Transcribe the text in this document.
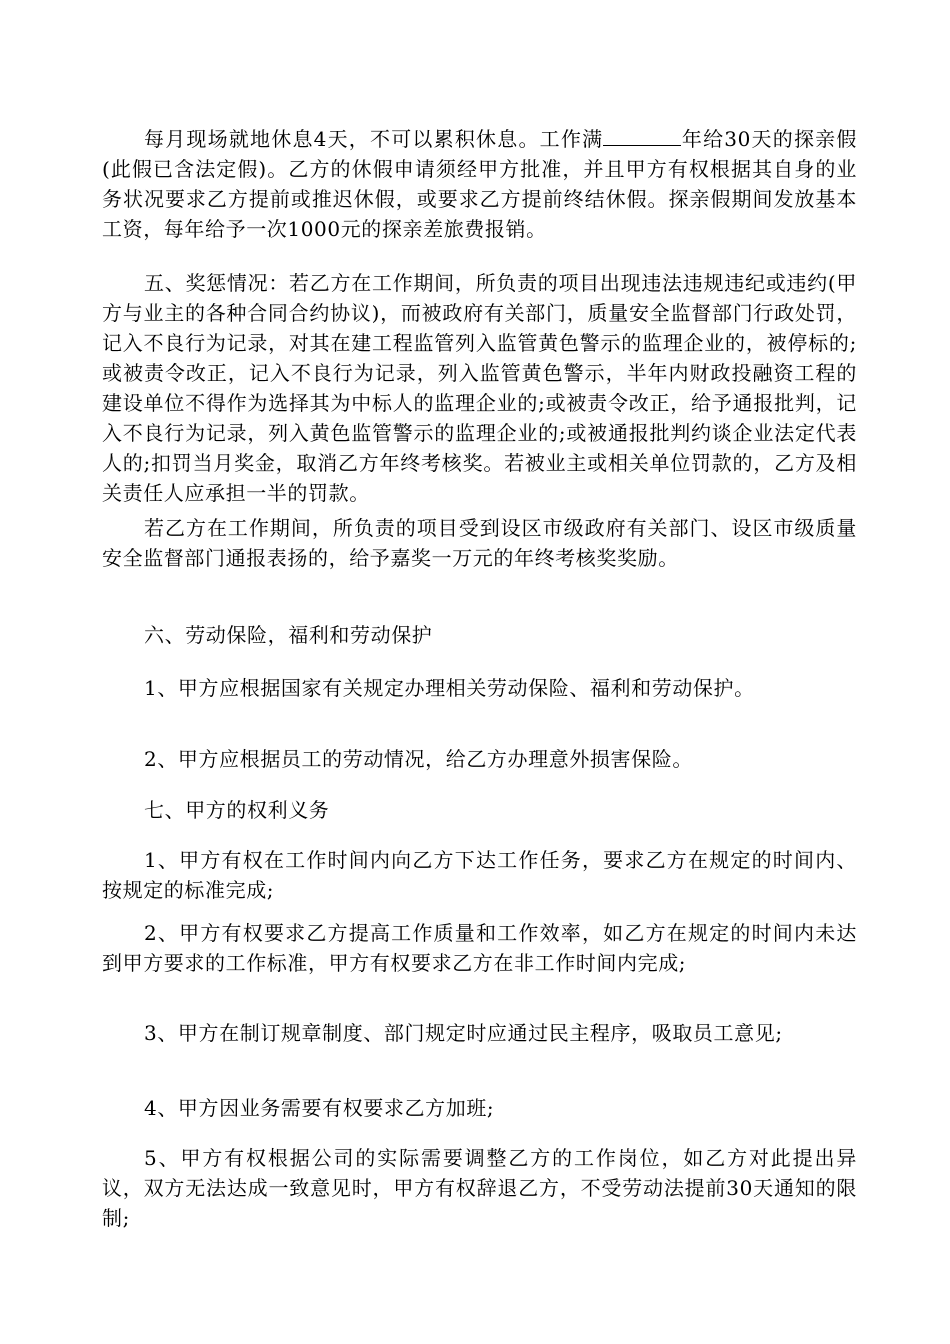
每月现场就地休息4天，不可以累积休息。工作满	年给30天的探亲假(此假已含法定假)。乙方的休假申请须经甲方批准，并且甲方有权根据其自身的业务状况要求乙方提前或推迟休假，或要求乙方提前终结休假。探亲假期间发放基本工资，每年给予一次1000元的探亲差旅费报销。

五、奖惩情况：若乙方在工作期间，所负责的项目出现违法违规违纪或违约(甲方与业主的各种合同合约协议)，而被政府有关部门，质量安全监督部门行政处罚，记入不良行为记录，对其在建工程监管列入监管黄色警示的监理企业的，被停标的;或被责令改正，记入不良行为记录，列入监管黄色警示，半年内财政投融资工程的建设单位不得作为选择其为中标人的监理企业的;或被责令改正，给予通报批判，记入不良行为记录，列入黄色监管警示的监理企业的;或被通报批判约谈企业法定代表人的;扣罚当月奖金，取消乙方年终考核奖。若被业主或相关单位罚款的，乙方及相关责任人应承担一半的罚款。

若乙方在工作期间，所负责的项目受到设区市级政府有关部门、设区市级质量安全监督部门通报表扬的，给予嘉奖一万元的年终考核奖奖励。

六、劳动保险，福利和劳动保护

1、甲方应根据国家有关规定办理相关劳动保险、福利和劳动保护。

2、甲方应根据员工的劳动情况，给乙方办理意外损害保险。

七、甲方的权利义务

1、甲方有权在工作时间内向乙方下达工作任务，要求乙方在规定的时间内、按规定的标准完成;

2、甲方有权要求乙方提高工作质量和工作效率，如乙方在规定的时间内未达到甲方要求的工作标准，甲方有权要求乙方在非工作时间内完成;

3、甲方在制订规章制度、部门规定时应通过民主程序，吸取员工意见;

4、甲方因业务需要有权要求乙方加班;

5、甲方有权根据公司的实际需要调整乙方的工作岗位，如乙方对此提出异议，双方无法达成一致意见时，甲方有权辞退乙方，不受劳动法提前30天通知的限制;
